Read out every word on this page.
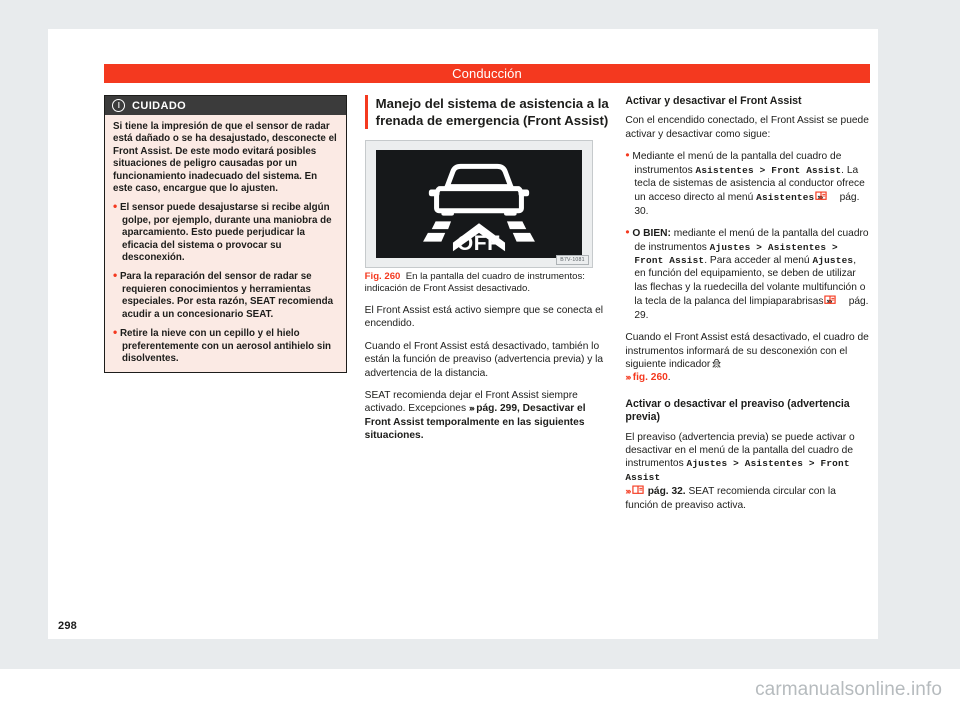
298
Conducción
CUIDADO

Si tiene la impresión de que el sensor de radar está dañado o se ha desajustado, desconecte el Front Assist. De este modo evitará posibles situaciones de peligro causadas por un funcionamiento inadecuado del sistema. En este caso, encargue que lo ajusten.

• El sensor puede desajustarse si recibe algún golpe, por ejemplo, durante una maniobra de aparcamiento. Esto puede perjudicar la eficacia del sistema o provocar su desconexión.

• Para la reparación del sensor de radar se requieren conocimientos y herramientas especiales. Por esta razón, SEAT recomienda acudir a un concesionario SEAT.

• Retire la nieve con un cepillo y el hielo preferentemente con un aerosol antihielo sin disolventes.

Manejo del sistema de asistencia a la frenada de emergencia (Front Assist)
OFF
B7V-1081
Fig. 260 En la pantalla del cuadro de instrumentos: indicación de Front Assist desactivado.

El Front Assist está activo siempre que se conecta el encendido.

Cuando el Front Assist está desactivado, también lo están la función de preaviso (advertencia previa) y la advertencia de la distancia.

SEAT recomienda dejar el Front Assist siempre activado. Excepciones ››› pág. 299, Desactivar el Front Assist temporalmente en las siguientes situaciones.

Activar y desactivar el Front Assist

Con el encendido conectado, el Front Assist se puede activar y desactivar como sigue:

• Mediante el menú de la pantalla del cuadro de instrumentos Asistentes > Front Assist. La tecla de sistemas de asistencia al conductor ofrece un acceso directo al menú Asistentes ››› pág. 30.

• O BIEN: mediante el menú de la pantalla del cuadro de instrumentos Ajustes > Asistentes > Front Assist. Para acceder al menú Ajustes, en función del equipamiento, se deben de utilizar las flechas y la ruedecilla del volante multifunción o la tecla de la palanca del limpiaparabrisas ››› pág. 29.

Cuando el Front Assist está desactivado, el cuadro de instrumentos informará de su desconexión con el siguiente indicador
››› fig. 260.

Activar o desactivar el preaviso (advertencia previa)

El preaviso (advertencia previa) se puede activar o desactivar en el menú de la pantalla del cuadro de instrumentos Ajustes > Asistentes > Front Assist
››› pág. 32. SEAT recomienda circular con la función de preaviso activa.

carmanualsonline.info
